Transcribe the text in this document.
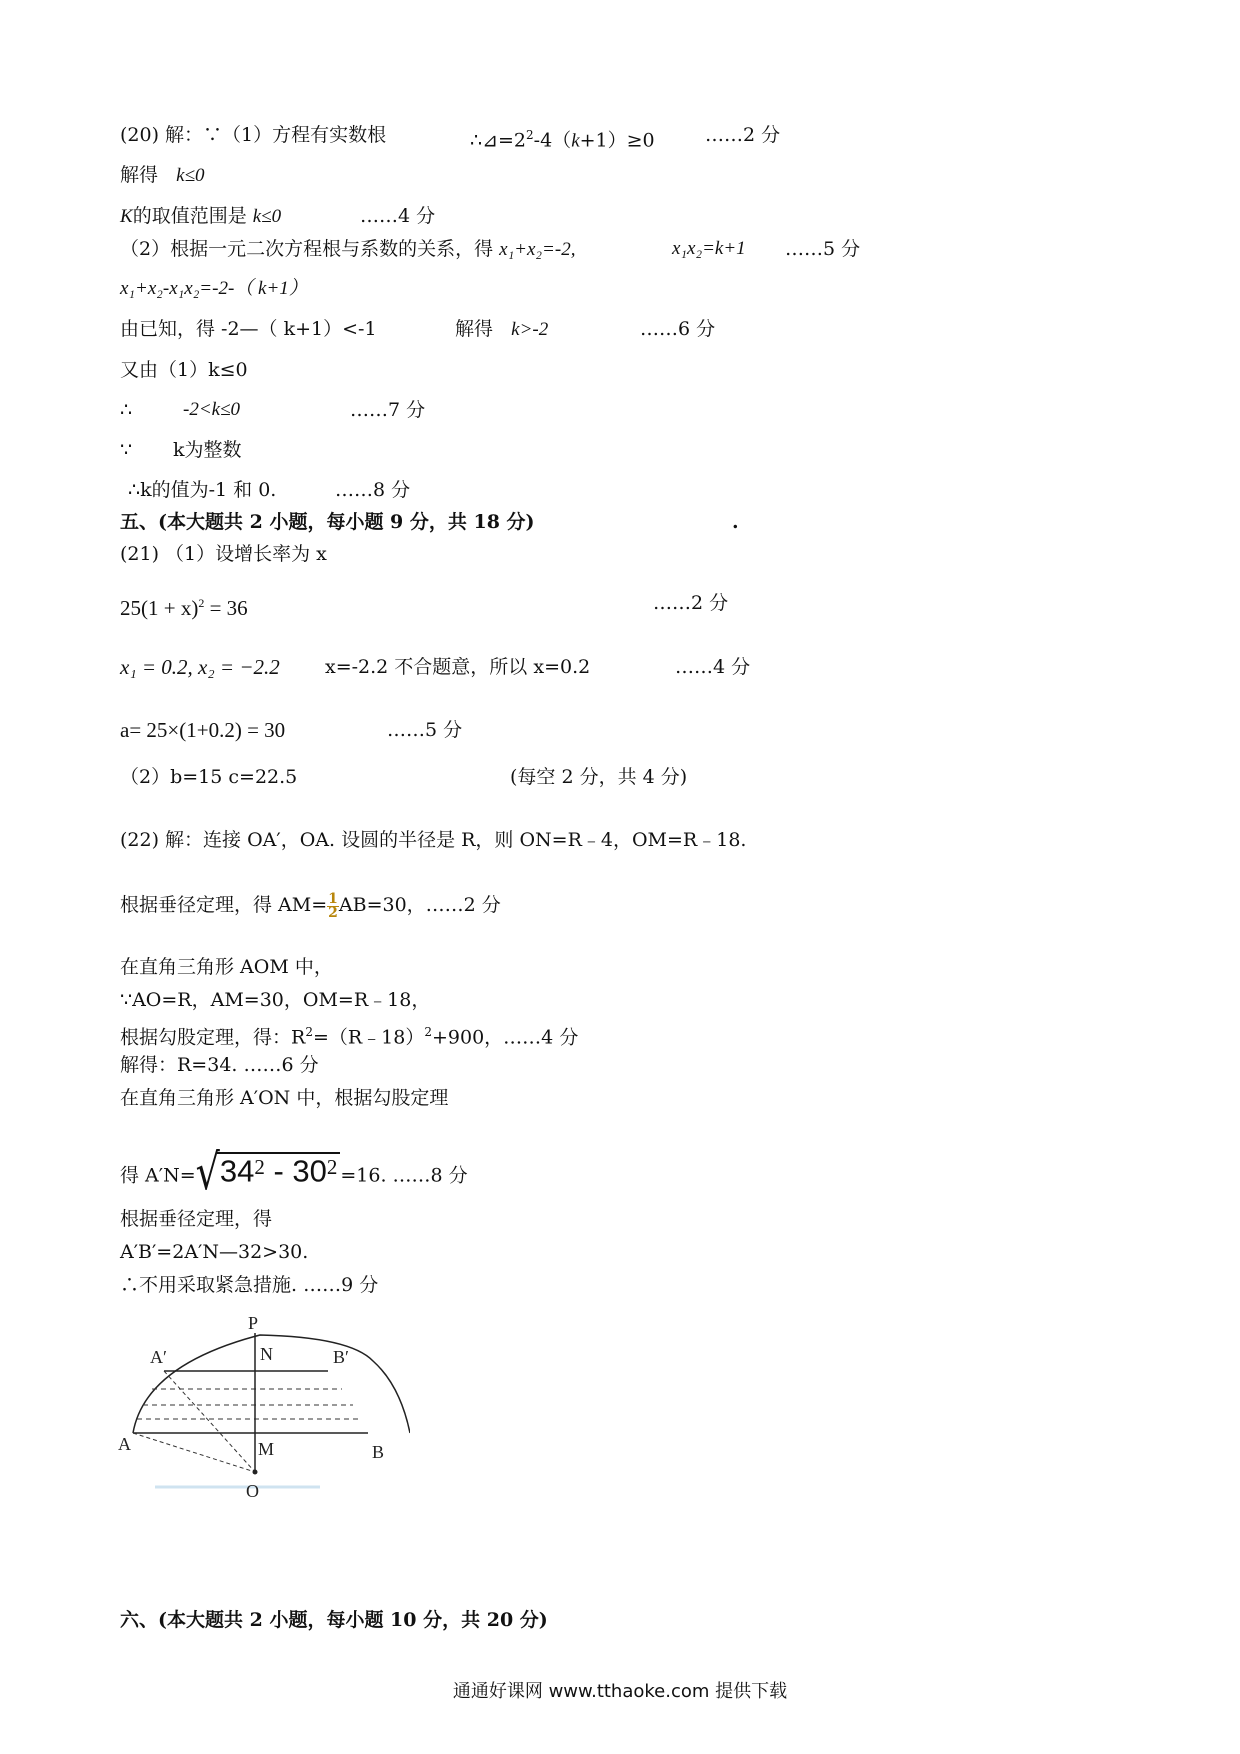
(20) 解：∵（1）方程有实数根	$\therefore⊿=2^2-4(k+1)\ge 0$	……2 分
解得 k≤0
K的取值范围是 k≤0	……4 分
（2）根据一元二次方程根与系数的关系，得 x₁+x₂=-2,	x₁x₂=k+1 ……5 分
x₁+x₂-x₁x₂=-2-（ k+1）
由已知，得 -2—（ k+1）<-1	解得 k>-2	……6 分
又由（1）k≤0
∴	-2<k≤0	……7 分
∵ k为整数
∴k的值为-1 和 0.	……8 分
五、(本大题共 2 小题，每小题 9 分，共 18 分)	.
(21) （1）设增长率为 x
$25(1 + x)^2 = 36$	……2 分
x₁ = 0.2, x₂ = −2.2 x=-2.2 不合题意，所以 x=0.2	……4 分
a= 25×(1+0.2) = 30	……5 分
（2）b=15 c=22.5	(每空 2 分，共 4 分)
(22) 解：连接 OA′，OA. 设圆的半径是 R，则 ON=R﹣4，OM=R﹣18.
根据垂径定理，得 $AM= \frac{1}{2} AB=30$，……2 分
在直角三角形 AOM 中，
∵AO=R，AM=30，OM=R﹣18，
根据勾股定理，得：$R^2=(R﹣18)^2+900$，……4 分
解得：R=34. ……6 分
在直角三角形 A′ON 中，根据勾股定理
得 $A'N=√34^2 - 30^2 =16$. ……8 分
根据垂径定理，得
A′B′=2A′N—32>30.
∴不用采取紧急措施. ……9 分
P
N
A′	B′
A	M	B
O
六、(本大题共 2 小题，每小题 10 分，共 20 分)
通通好课网 www.tthaoke.com 提供下载
